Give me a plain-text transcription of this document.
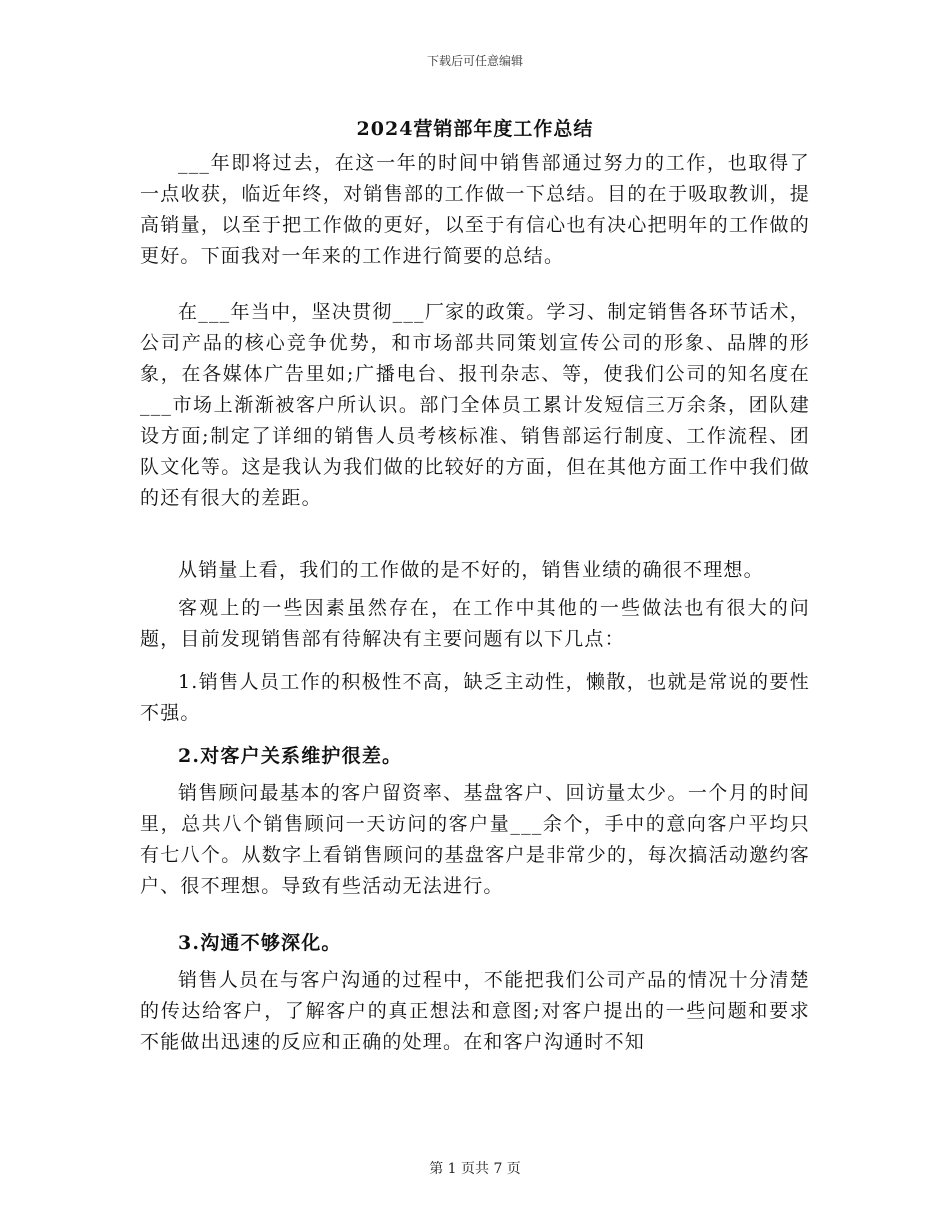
下载后可任意编辑
2024营销部年度工作总结

___年即将过去，在这一年的时间中销售部通过努力的工作，也取得了一点收获，临近年终，对销售部的工作做一下总结。目的在于吸取教训，提高销量，以至于把工作做的更好，以至于有信心也有决心把明年的工作做的更好。下面我对一年来的工作进行简要的总结。

在___年当中，坚决贯彻___厂家的政策。学习、制定销售各环节话术，公司产品的核心竞争优势，和市场部共同策划宣传公司的形象、品牌的形象，在各媒体广告里如;广播电台、报刊杂志、等，使我们公司的知名度在___市场上渐渐被客户所认识。部门全体员工累计发短信三万余条，团队建设方面;制定了详细的销售人员考核标准、销售部运行制度、工作流程、团队文化等。这是我认为我们做的比较好的方面，但在其他方面工作中我们做的还有很大的差距。

从销量上看，我们的工作做的是不好的，销售业绩的确很不理想。

客观上的一些因素虽然存在，在工作中其他的一些做法也有很大的问题，目前发现销售部有待解决有主要问题有以下几点：

1.销售人员工作的积极性不高，缺乏主动性，懒散，也就是常说的要性不强。

2.对客户关系维护很差。

销售顾问最基本的客户留资率、基盘客户、回访量太少。一个月的时间里，总共八个销售顾问一天访问的客户量___余个，手中的意向客户平均只有七八个。从数字上看销售顾问的基盘客户是非常少的，每次搞活动邀约客户、很不理想。导致有些活动无法进行。

3.沟通不够深化。

销售人员在与客户沟通的过程中，不能把我们公司产品的情况十分清楚的传达给客户，了解客户的真正想法和意图;对客户提出的一些问题和要求不能做出迅速的反应和正确的处理。在和客户沟通时不知

第 1 页共 7 页
